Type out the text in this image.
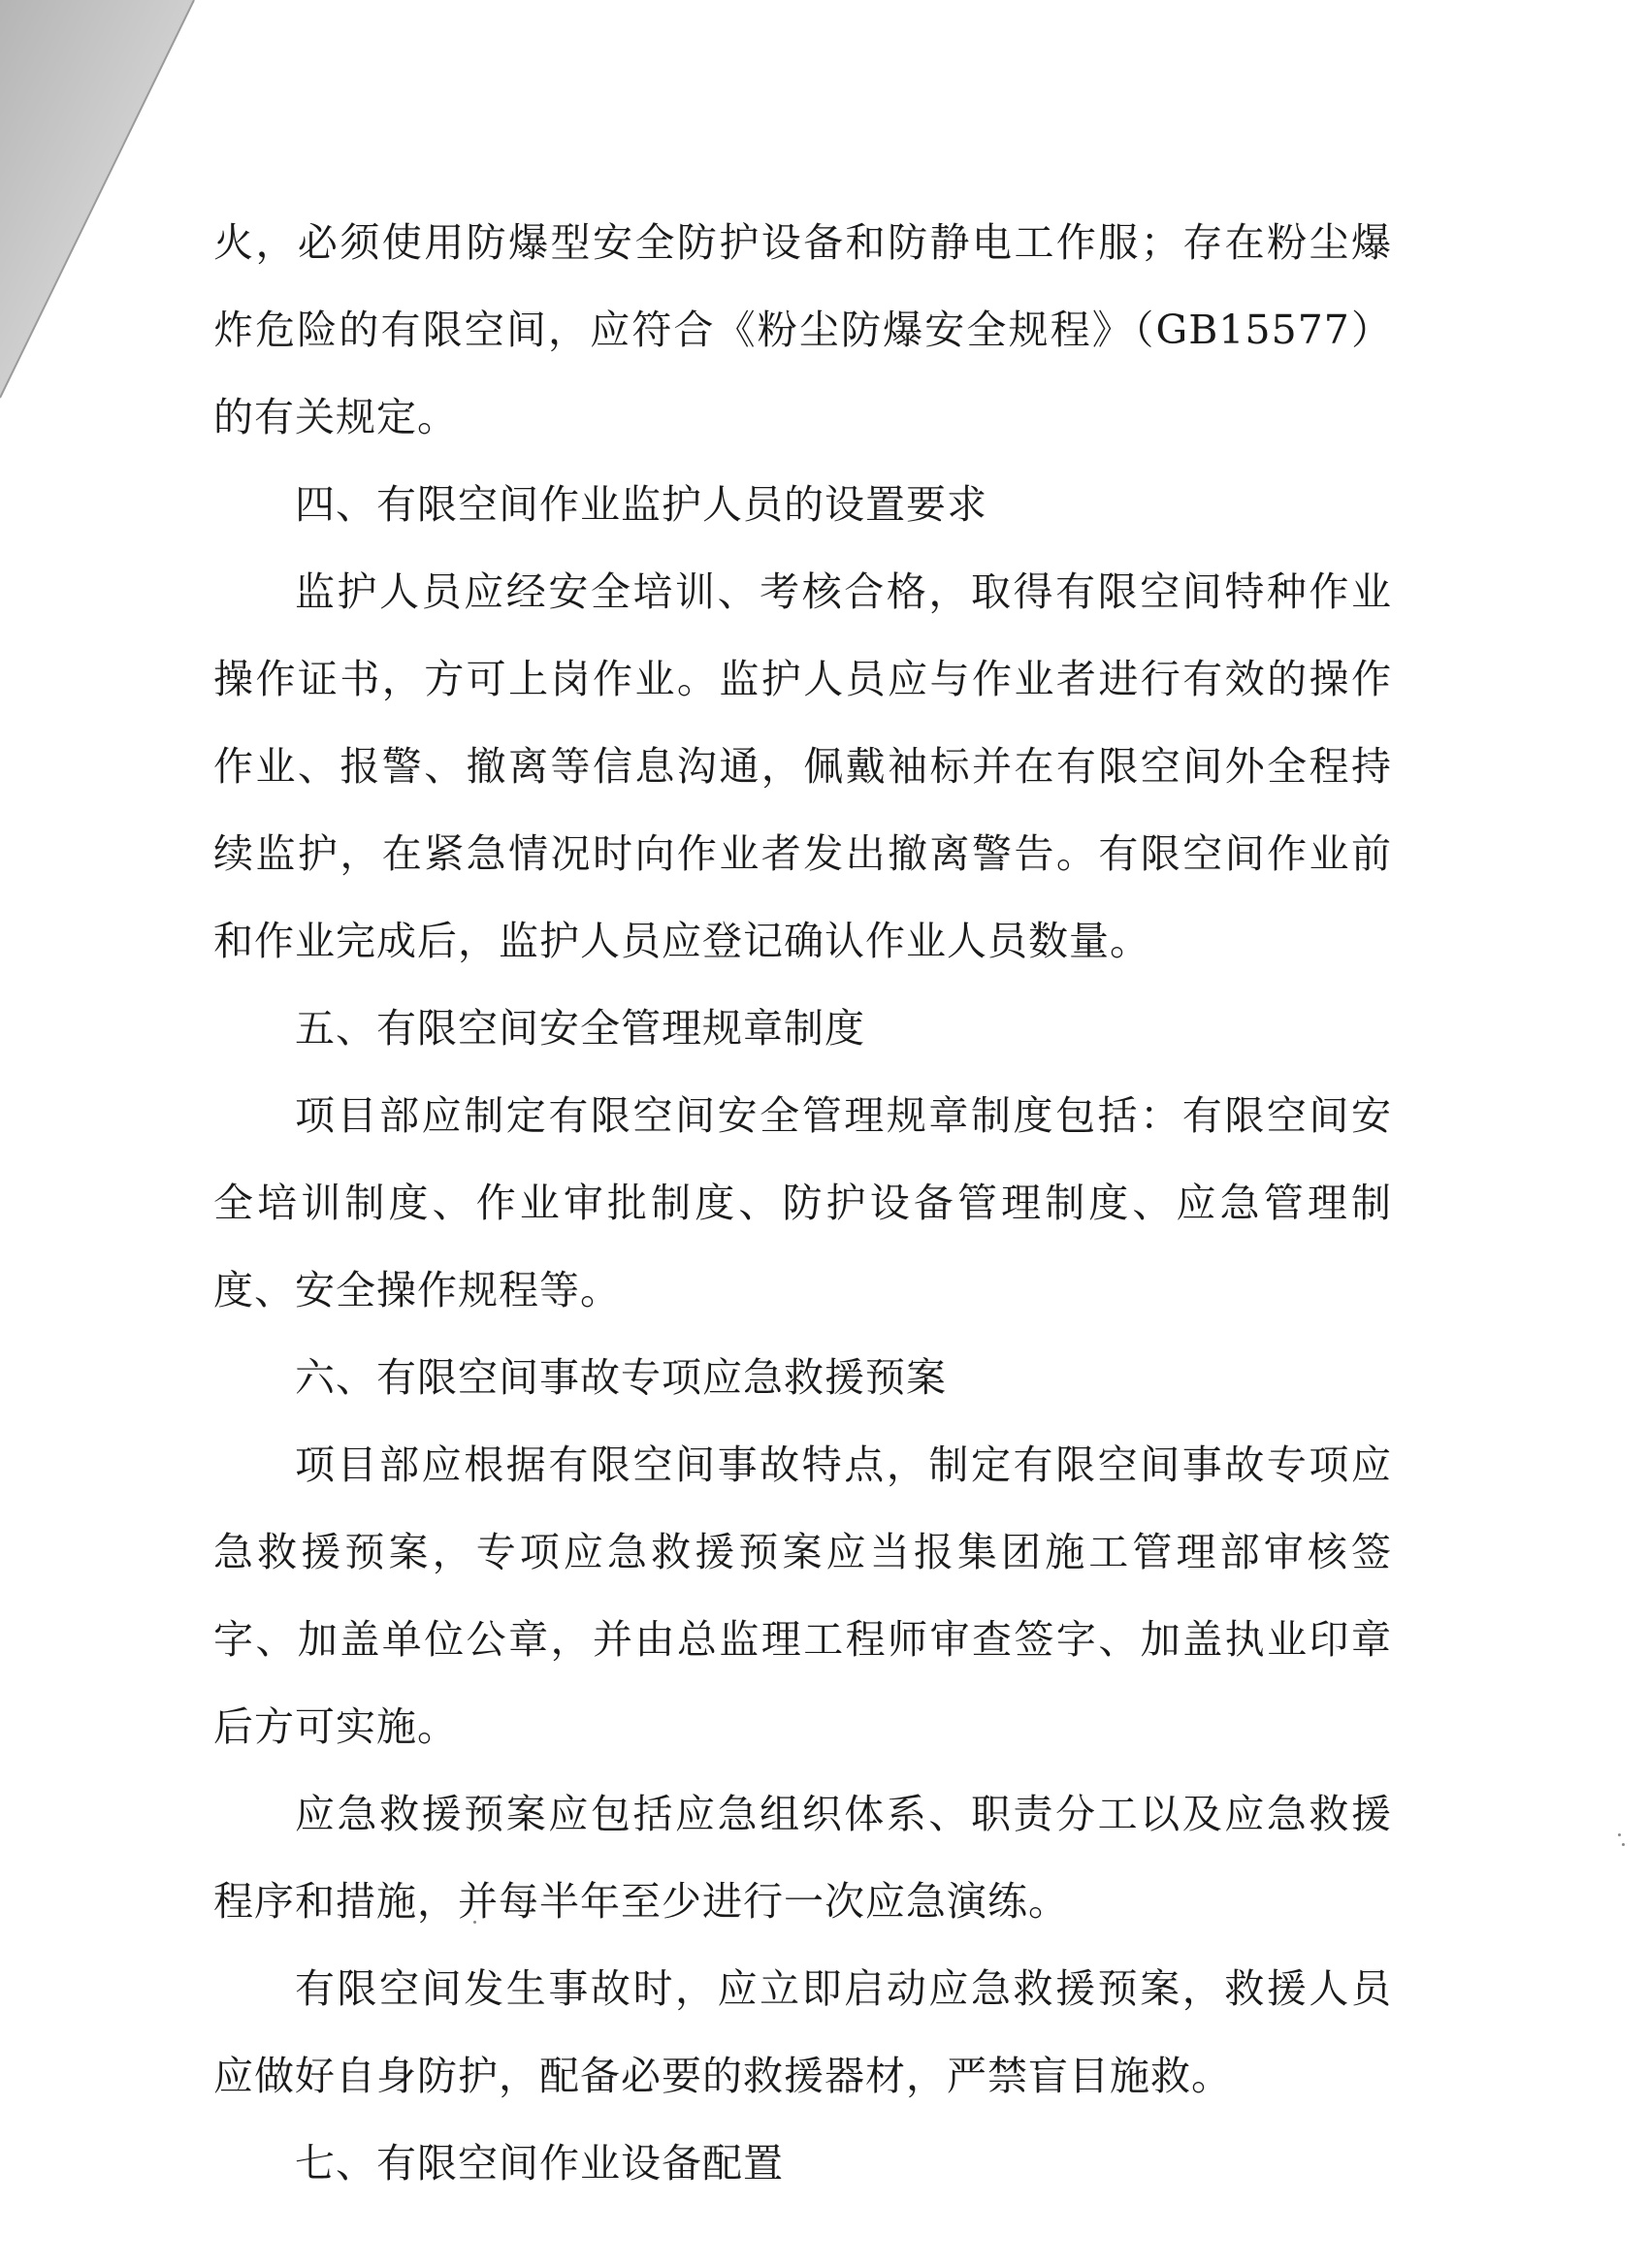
火，必须使用防爆型安全防护设备和防静电工作服；存在粉尘爆炸危险的有限空间，应符合《粉尘防爆安全规程》（GB15577）的有关规定。

四、有限空间作业监护人员的设置要求

监护人员应经安全培训、考核合格，取得有限空间特种作业操作证书，方可上岗作业。监护人员应与作业者进行有效的操作作业、报警、撤离等信息沟通，佩戴袖标并在有限空间外全程持续监护，在紧急情况时向作业者发出撤离警告。有限空间作业前和作业完成后，监护人员应登记确认作业人员数量。

五、有限空间安全管理规章制度

项目部应制定有限空间安全管理规章制度包括：有限空间安全培训制度、作业审批制度、防护设备管理制度、应急管理制度、安全操作规程等。

六、有限空间事故专项应急救援预案

项目部应根据有限空间事故特点，制定有限空间事故专项应急救援预案，专项应急救援预案应当报集团施工管理部审核签字、加盖单位公章，并由总监理工程师审查签字、加盖执业印章后方可实施。

应急救援预案应包括应急组织体系、职责分工以及应急救援程序和措施，并每半年至少进行一次应急演练。

有限空间发生事故时，应立即启动应急救援预案，救援人员应做好自身防护，配备必要的救援器材，严禁盲目施救。

七、有限空间作业设备配置
